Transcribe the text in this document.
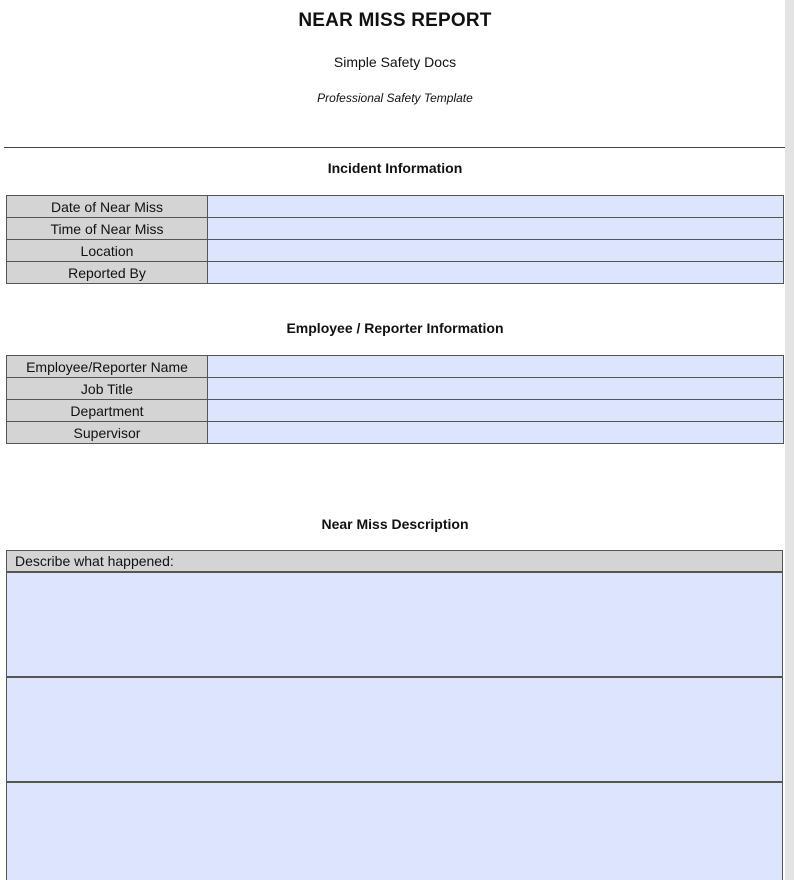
NEAR MISS REPORT
Simple Safety Docs
Professional Safety Template
Incident Information
Date of Near Miss	
Time of Near Miss	
Location	
Reported By	
Employee / Reporter Information
Employee/Reporter Name	
Job Title	
Department	
Supervisor	
Near Miss Description
Describe what happened:
